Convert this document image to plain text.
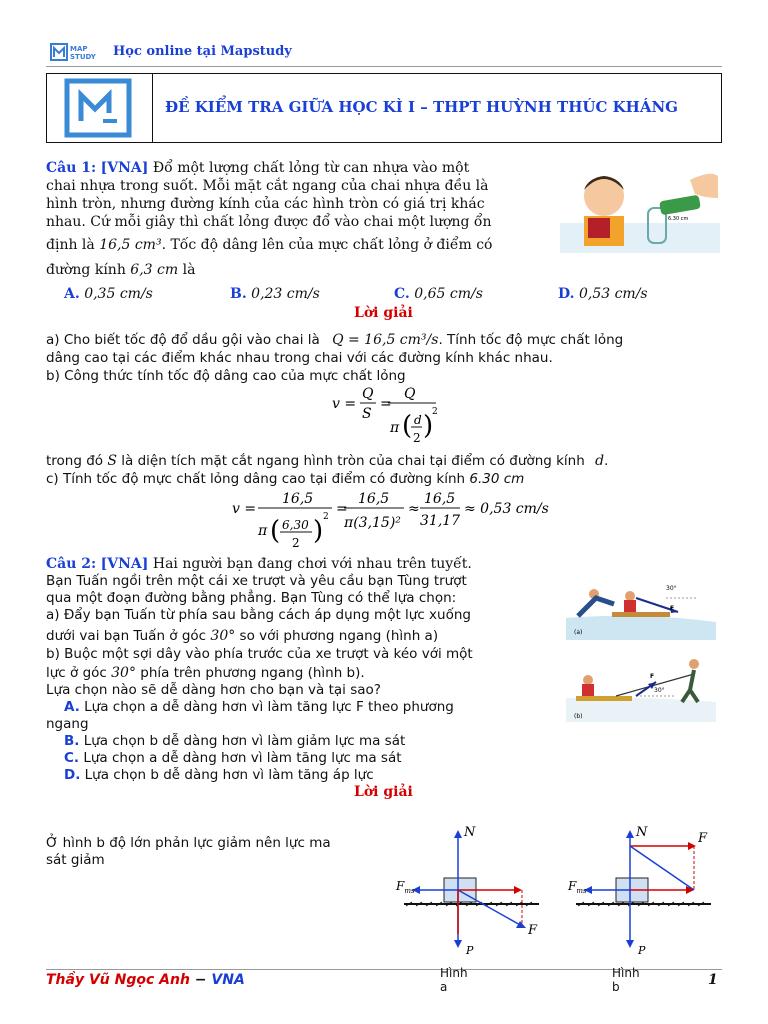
MAP
STUDY Học online tại Mapstudy
ĐỀ KIỂM TRA GIỮA HỌC KÌ I – THPT HUỲNH THÚC KHÁNG
Câu 1: [VNA] Đổ một lượng chất lỏng từ can nhựa vào một
chai nhựa trong suốt. Mỗi mặt cắt ngang của chai nhựa đều là
hình tròn, nhưng đường kính của các hình tròn có giá trị khác
nhau. Cứ mỗi giây thì chất lỏng được đổ vào chai một lượng ổn
định là 16,5 cm³. Tốc độ dâng lên của mực chất lỏng ở điểm có
đường kính 6,3 cm là
6.30 cm
A. 0,35 cm/s	B. 0,23 cm/s	C. 0,65 cm/s	D. 0,53 cm/s
Lời giải
a) Cho biết tốc độ đổ dầu gội vào chai là Q = 16,5 cm³/s. Tính tốc độ mực chất lỏng
dâng cao tại các điểm khác nhau trong chai với các đường kính khác nhau.
b) Công thức tính tốc độ dâng cao của mực chất lỏng
v =
Q
S
=
Q
π ( d
2 )
2
trong đó S là diện tích mặt cắt ngang hình tròn của chai tại điểm có đường kính d.
c) Tính tốc độ mực chất lỏng dâng cao tại điểm có đường kính 6.30 cm
v =
16,5
π ( 6,30
2 ) 2 =
16,5
π(3,15)²
≈
16,5
31,17
≈ 0,53 cm/s
Câu 2: [VNA] Hai người bạn đang chơi với nhau trên tuyết.
Bạn Tuấn ngồi trên một cái xe trượt và yêu cầu bạn Tùng trượt
qua một đoạn đường bằng phẳng. Bạn Tùng có thể lựa chọn:
a) Đẩy bạn Tuấn từ phía sau bằng cách áp dụng một lực xuống
dưới vai bạn Tuấn ở góc 30° so với phương ngang (hình a)
b) Buộc một sợi dây vào phía trước của xe trượt và kéo với một
lực ở góc 30° phía trên phương ngang (hình b).
Lựa chọn nào sẽ dễ dàng hơn cho bạn và tại sao?
30°
F
(a)
30°
F
(b)
A. Lựa chọn a dễ dàng hơn vì làm tăng lực F theo phương
ngang
B. Lựa chọn b dễ dàng hơn vì làm giảm lực ma sát
C. Lựa chọn a dễ dàng hơn vì làm tăng lực ma sát
D. Lựa chọn b dễ dàng hơn vì làm tăng áp lực
Lời giải
Ở hình b độ lớn phản lực giảm nên lực ma
sát giảm
N
F
$F_{ms}$
P
N	F
$F_{ms}$
P
Hình
a
Hình
b
Thầy Vũ Ngọc Anh − VNA	1
